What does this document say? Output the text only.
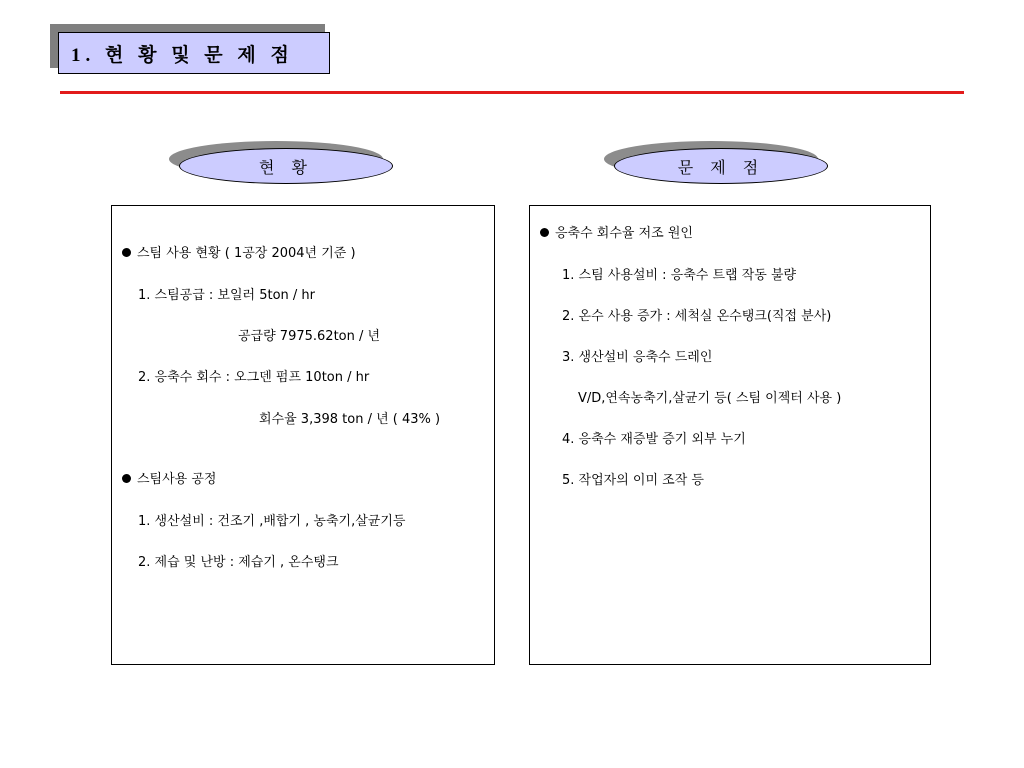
1. 현 황 및 문 제 점
현 황	문 제 점
스팀 사용 현황 ( 1공장 2004년 기준 )
1. 스팀공급 : 보일러 5ton / hr
공급량 7975.62ton / 년
2. 응축수 회수 : 오그덴 펌프 10ton / hr
회수율 3,398 ton / 년 ( 43% )
스팀사용 공정
1. 생산설비 : 건조기 ,배합기 , 농축기,살균기등
2. 제습 및 난방 : 제습기 , 온수탱크
응축수 회수율 저조 원인
1. 스팀 사용설비 : 응축수 트랩 작동 불량
2. 온수 사용 증가 : 세척실 온수탱크(직접 분사)
3. 생산설비 응축수 드레인
V/D,연속농축기,살균기 등( 스팀 이젝터 사용 )
4. 응축수 재증발 증기 외부 누기
5. 작업자의 이미 조작 등
